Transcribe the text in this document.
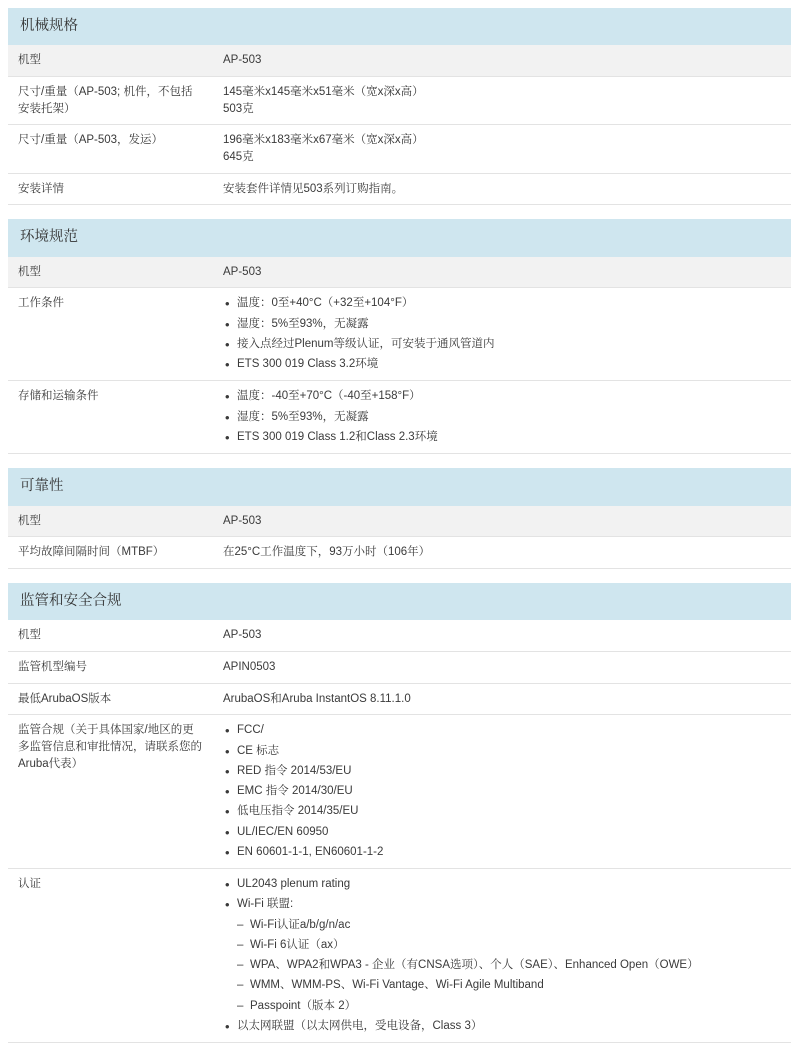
机械规格
机型	AP-503

尺寸/重量（AP-503; 机件，不包括安装托架）	145毫米x145毫米x51毫米（宽x深x高）
503克

尺寸/重量（AP-503，发运）	196毫米x183毫米x67毫米（宽x深x高）
645克

安装详情	安装套件详情见503系列订购指南。
环境规范
机型	AP-503

工作条件	
•温度：0至+40°C（+32至+104°F）
• 湿度：5%至93%，无凝露
• 接入点经过Plenum等级认证，可安装于通风管道内
• ETS 300 019 Class 3.2环境

存储和运输条件	
•温度：-40至+70°C（-40至+158°F）
• 湿度：5%至93%，无凝露
• ETS 300 019 Class 1.2和Class 2.3环境
可靠性
机型	AP-503

平均故障间隔时间（MTBF）	在25°C工作温度下，93万小时（106年）
监管和安全合规
机型	AP-503

监管机型编号	APIN0503

最低ArubaOS版本	ArubaOS和Aruba InstantOS 8.11.1.0

监管合规（关于具体国家/地区的更多监管信息和审批情况，请联系您的Aruba代表）	
• FCC/
• CE 标志
• RED 指令 2014/53/EU
• EMC 指令 2014/30/EU
• 低电压指令 2014/35/EU
• UL/IEC/EN 60950
• EN 60601-1-1, EN60601-1-2

认证	
•UL2043 plenum rating
• Wi-Fi 联盟:
– Wi-Fi认证a/b/g/n/ac
– Wi-Fi 6认证（ax）
– WPA、WPA2和WPA3 - 企业（有CNSA选项）、个人（SAE）、Enhanced Open（OWE）
– WMM、WMM-PS、Wi-Fi Vantage、Wi-Fi Agile Multiband
– Passpoint（版本 2）
• 以太网联盟（以太网供电，受电设备，Class 3）
